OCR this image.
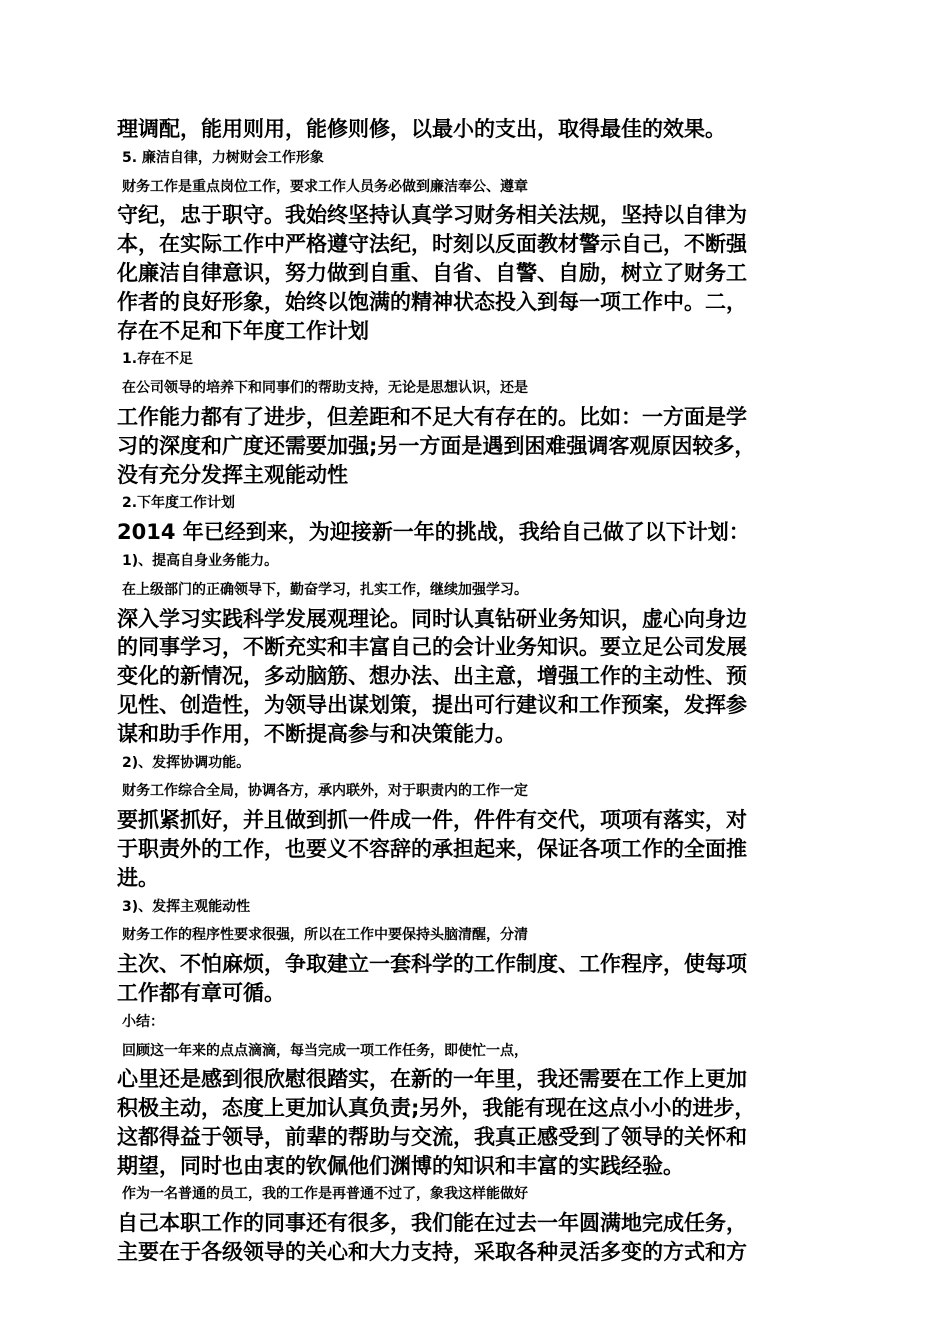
理调配，能用则用，能修则修，以最小的支出，取得最佳的效果。
5. 廉洁自律，力树财会工作形象
财务工作是重点岗位工作，要求工作人员务必做到廉洁奉公、遵章
守纪，忠于职守。我始终坚持认真学习财务相关法规，坚持以自律为
本，在实际工作中严格遵守法纪，时刻以反面教材警示自己，不断强
化廉洁自律意识，努力做到自重、自省、自警、自励，树立了财务工
作者的良好形象，始终以饱满的精神状态投入到每一项工作中。二，
存在不足和下年度工作计划
1.存在不足
在公司领导的培养下和同事们的帮助支持，无论是思想认识，还是
工作能力都有了进步，但差距和不足大有存在的。比如：一方面是学
习的深度和广度还需要加强;另一方面是遇到困难强调客观原因较多，
没有充分发挥主观能动性
2.下年度工作计划
2014 年已经到来，为迎接新一年的挑战，我给自己做了以下计划：
1)、提高自身业务能力。
在上级部门的正确领导下，勤奋学习，扎实工作，继续加强学习。
深入学习实践科学发展观理论。同时认真钻研业务知识，虚心向身边
的同事学习，不断充实和丰富自己的会计业务知识。要立足公司发展
变化的新情况，多动脑筋、想办法、出主意，增强工作的主动性、预
见性、创造性，为领导出谋划策，提出可行建议和工作预案，发挥参
谋和助手作用，不断提高参与和决策能力。
2)、发挥协调功能。
财务工作综合全局，协调各方，承内联外，对于职责内的工作一定
要抓紧抓好，并且做到抓一件成一件，件件有交代，项项有落实，对
于职责外的工作，也要义不容辞的承担起来，保证各项工作的全面推
进。
3)、发挥主观能动性
财务工作的程序性要求很强，所以在工作中要保持头脑清醒，分清
主次、不怕麻烦，争取建立一套科学的工作制度、工作程序，使每项
工作都有章可循。
小结：
回顾这一年来的点点滴滴，每当完成一项工作任务，即使忙一点，
心里还是感到很欣慰很踏实，在新的一年里，我还需要在工作上更加
积极主动，态度上更加认真负责;另外，我能有现在这点小小的进步，
这都得益于领导，前辈的帮助与交流，我真正感受到了领导的关怀和
期望，同时也由衷的钦佩他们渊博的知识和丰富的实践经验。
作为一名普通的员工，我的工作是再普通不过了，象我这样能做好
自己本职工作的同事还有很多，我们能在过去一年圆满地完成任务，
主要在于各级领导的关心和大力支持，采取各种灵活多变的方式和方
